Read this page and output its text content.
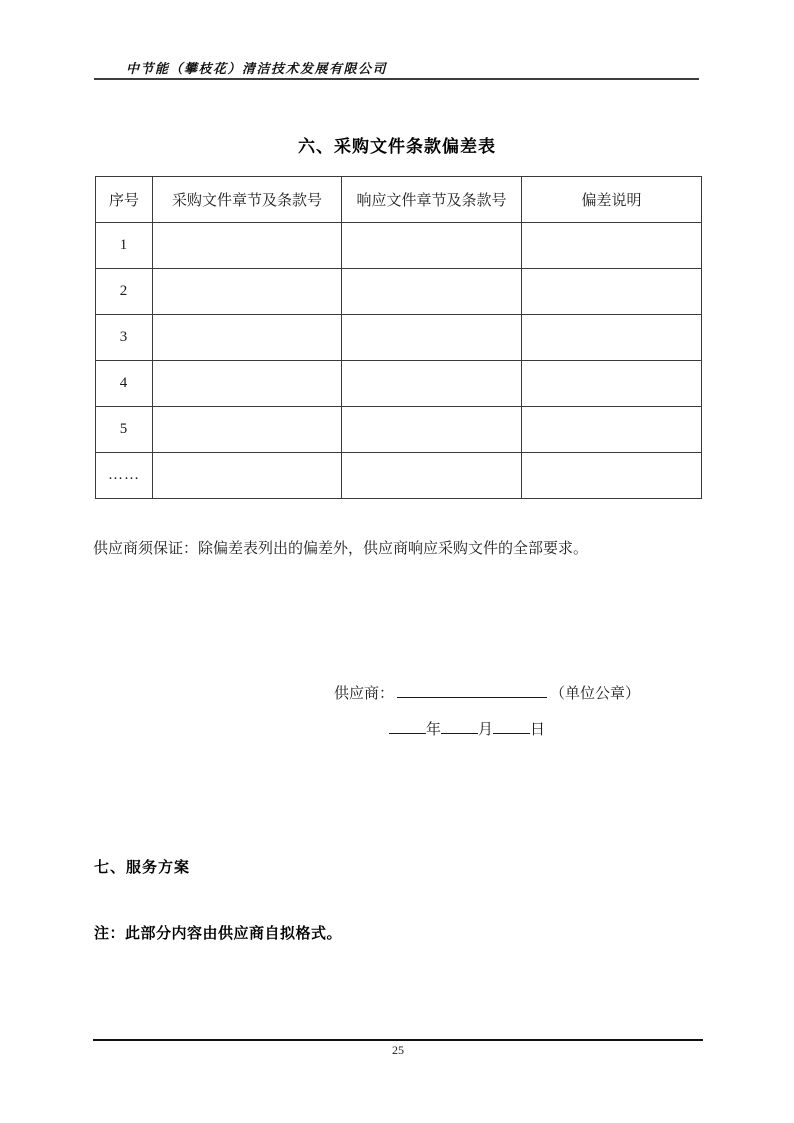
中节能（攀枝花）清洁技术发展有限公司
六、采购文件条款偏差表
序号	采购文件章节及条款号	响应文件章节及条款号	偏差说明
1			
2			
3			
4			
5			
……			
供应商须保证：除偏差表列出的偏差外，供应商响应采购文件的全部要求。
供应商：	（单位公章）
年 月 日
七、服务方案
注：此部分内容由供应商自拟格式。
25
